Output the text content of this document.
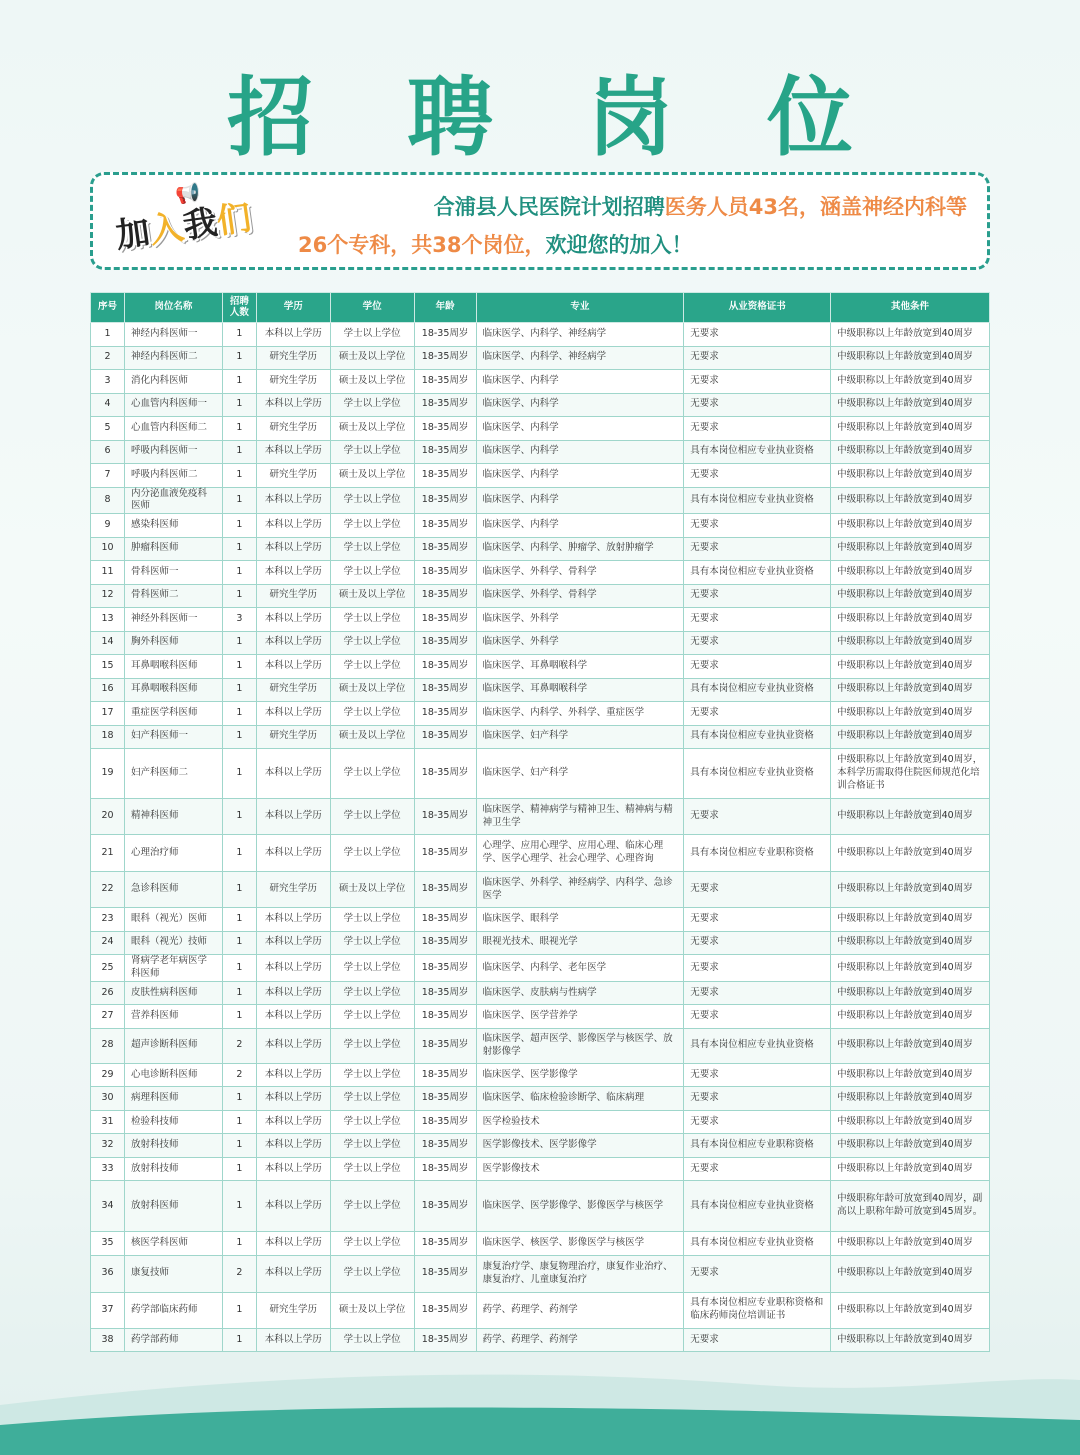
招 聘 岗 位
📢
加入我们	合浦县人民医院计划招聘医务人员43名，涵盖神经内科等
26个专科，共38个岗位，欢迎您的加入！
序号	岗位名称	招聘人数	学历	学位	年龄	专业	从业资格证书	其他条件
1	神经内科医师一	1	本科以上学历	学士以上学位	18-35周岁	临床医学、内科学、神经病学	无要求	中级职称以上年龄放宽到40周岁
2	神经内科医师二	1	研究生学历	硕士及以上学位	18-35周岁	临床医学、内科学、神经病学	无要求	中级职称以上年龄放宽到40周岁
3	消化内科医师	1	研究生学历	硕士及以上学位	18-35周岁	临床医学、内科学	无要求	中级职称以上年龄放宽到40周岁
4	心血管内科医师一	1	本科以上学历	学士以上学位	18-35周岁	临床医学、内科学	无要求	中级职称以上年龄放宽到40周岁
5	心血管内科医师二	1	研究生学历	硕士及以上学位	18-35周岁	临床医学、内科学	无要求	中级职称以上年龄放宽到40周岁
6	呼吸内科医师一	1	本科以上学历	学士以上学位	18-35周岁	临床医学、内科学	具有本岗位相应专业执业资格	中级职称以上年龄放宽到40周岁
7	呼吸内科医师二	1	研究生学历	硕士及以上学位	18-35周岁	临床医学、内科学	无要求	中级职称以上年龄放宽到40周岁
8	内分泌血液免疫科医师	1	本科以上学历	学士以上学位	18-35周岁	临床医学、内科学	具有本岗位相应专业执业资格	中级职称以上年龄放宽到40周岁
9	感染科医师	1	本科以上学历	学士以上学位	18-35周岁	临床医学、内科学	无要求	中级职称以上年龄放宽到40周岁
10	肿瘤科医师	1	本科以上学历	学士以上学位	18-35周岁	临床医学、内科学、肿瘤学、放射肿瘤学	无要求	中级职称以上年龄放宽到40周岁
11	骨科医师一	1	本科以上学历	学士以上学位	18-35周岁	临床医学、外科学、骨科学	具有本岗位相应专业执业资格	中级职称以上年龄放宽到40周岁
12	骨科医师二	1	研究生学历	硕士及以上学位	18-35周岁	临床医学、外科学、骨科学	无要求	中级职称以上年龄放宽到40周岁
13	神经外科医师一	3	本科以上学历	学士以上学位	18-35周岁	临床医学、外科学	无要求	中级职称以上年龄放宽到40周岁
14	胸外科医师	1	本科以上学历	学士以上学位	18-35周岁	临床医学、外科学	无要求	中级职称以上年龄放宽到40周岁
15	耳鼻咽喉科医师	1	本科以上学历	学士以上学位	18-35周岁	临床医学、耳鼻咽喉科学	无要求	中级职称以上年龄放宽到40周岁
16	耳鼻咽喉科医师	1	研究生学历	硕士及以上学位	18-35周岁	临床医学、耳鼻咽喉科学	具有本岗位相应专业执业资格	中级职称以上年龄放宽到40周岁
17	重症医学科医师	1	本科以上学历	学士以上学位	18-35周岁	临床医学、内科学、外科学、重症医学	无要求	中级职称以上年龄放宽到40周岁
18	妇产科医师一	1	研究生学历	硕士及以上学位	18-35周岁	临床医学、妇产科学	具有本岗位相应专业执业资格	中级职称以上年龄放宽到40周岁
19	妇产科医师二	1	本科以上学历	学士以上学位	18-35周岁	临床医学、妇产科学	具有本岗位相应专业执业资格	中级职称以上年龄放宽到40周岁，本科学历需取得住院医师规范化培训合格证书
20	精神科医师	1	本科以上学历	学士以上学位	18-35周岁	临床医学、精神病学与精神卫生、精神病与精神卫生学	无要求	中级职称以上年龄放宽到40周岁
21	心理治疗师	1	本科以上学历	学士以上学位	18-35周岁	心理学、应用心理学、应用心理、临床心理学、医学心理学、社会心理学、心理咨询	具有本岗位相应专业职称资格	中级职称以上年龄放宽到40周岁
22	急诊科医师	1	研究生学历	硕士及以上学位	18-35周岁	临床医学、外科学、神经病学、内科学、急诊医学	无要求	中级职称以上年龄放宽到40周岁
23	眼科（视光）医师	1	本科以上学历	学士以上学位	18-35周岁	临床医学、眼科学	无要求	中级职称以上年龄放宽到40周岁
24	眼科（视光）技师	1	本科以上学历	学士以上学位	18-35周岁	眼视光技术、眼视光学	无要求	中级职称以上年龄放宽到40周岁
25	肾病学老年病医学科医师	1	本科以上学历	学士以上学位	18-35周岁	临床医学、内科学、老年医学	无要求	中级职称以上年龄放宽到40周岁
26	皮肤性病科医师	1	本科以上学历	学士以上学位	18-35周岁	临床医学、皮肤病与性病学	无要求	中级职称以上年龄放宽到40周岁
27	营养科医师	1	本科以上学历	学士以上学位	18-35周岁	临床医学、医学营养学	无要求	中级职称以上年龄放宽到40周岁
28	超声诊断科医师	2	本科以上学历	学士以上学位	18-35周岁	临床医学、超声医学、影像医学与核医学、放射影像学	具有本岗位相应专业执业资格	中级职称以上年龄放宽到40周岁
29	心电诊断科医师	2	本科以上学历	学士以上学位	18-35周岁	临床医学、医学影像学	无要求	中级职称以上年龄放宽到40周岁
30	病理科医师	1	本科以上学历	学士以上学位	18-35周岁	临床医学、临床检验诊断学、临床病理	无要求	中级职称以上年龄放宽到40周岁
31	检验科技师	1	本科以上学历	学士以上学位	18-35周岁	医学检验技术	无要求	中级职称以上年龄放宽到40周岁
32	放射科技师	1	本科以上学历	学士以上学位	18-35周岁	医学影像技术、医学影像学	具有本岗位相应专业职称资格	中级职称以上年龄放宽到40周岁
33	放射科技师	1	本科以上学历	学士以上学位	18-35周岁	医学影像技术	无要求	中级职称以上年龄放宽到40周岁
34	放射科医师	1	本科以上学历	学士以上学位	18-35周岁	临床医学、医学影像学、影像医学与核医学	具有本岗位相应专业执业资格	中级职称年龄可放宽到40周岁，副高以上职称年龄可放宽到45周岁。
35	核医学科医师	1	本科以上学历	学士以上学位	18-35周岁	临床医学、核医学、影像医学与核医学	具有本岗位相应专业执业资格	中级职称以上年龄放宽到40周岁
36	康复技师	2	本科以上学历	学士以上学位	18-35周岁	康复治疗学、康复物理治疗，康复作业治疗、康复治疗、儿童康复治疗	无要求	中级职称以上年龄放宽到40周岁
37	药学部临床药师	1	研究生学历	硕士及以上学位	18-35周岁	药学、药理学、药剂学	具有本岗位相应专业职称资格和临床药师岗位培训证书	中级职称以上年龄放宽到40周岁
38	药学部药师	1	本科以上学历	学士以上学位	18-35周岁	药学、药理学、药剂学	无要求	中级职称以上年龄放宽到40周岁
